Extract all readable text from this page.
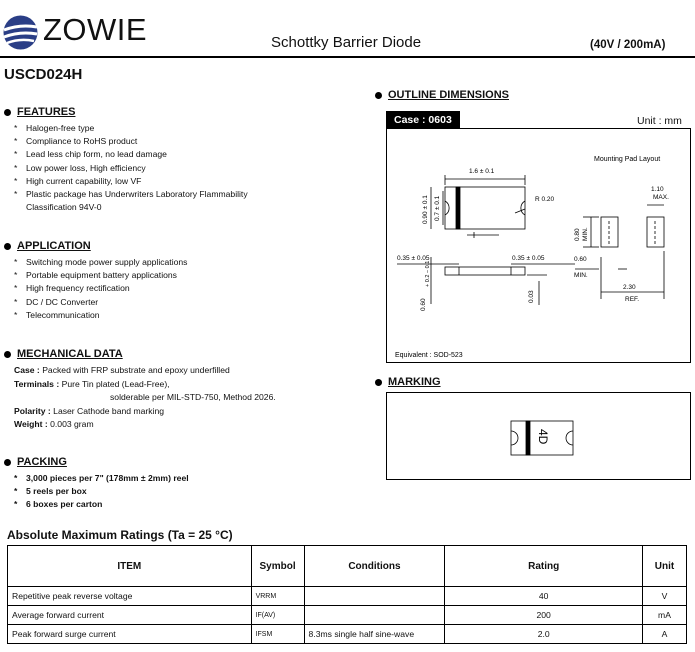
ZOWIE	Schottky Barrier Diode	(40V / 200mA)
USCD024H
FEATURES
*	Halogen-free type
*	Compliance to RoHS product
*	Lead less chip form, no lead damage
*	Low power loss, High efficiency
*	High current capability, low VF
*	Plastic package has Underwriters Laboratory Flammability Classification 94V-0
APPLICATION
*	Switching mode power supply applications
*	Portable equipment battery applications
*	High frequency rectification
*	DC / DC Converter
*	Telecommunication
MECHANICAL DATA
Case : Packed with FRP substrate and epoxy underfilled
Terminals : Pure Tin plated (Lead-Free),
solderable per MIL-STD-750, Method 2026.
Polarity : Laser Cathode band marking
Weight : 0.003 gram
PACKING
*	3,000 pieces per 7" (178mm ± 2mm) reel
*	5 reels per box
*	6 boxes per carton
OUTLINE DIMENSIONS
Case : 0603	Unit : mm
1.6 ± 0.1
R 0.20
0.35 ± 0.05	0.35 ± 0.05
Mounting Pad Layout
1.10
MAX.
0.60
MIN.
2.30
REF.
Equivalent : SOD-523
0.90 ± 0.1 0.7 ± 0.1
0.80 MIN.
0.60
+ 0.2 − 0.1
0.03
MARKING
4D
Absolute Maximum Ratings (Ta = 25 °C)
ITEM	Symbol	Conditions	Rating	Unit
Repetitive peak reverse voltage	VRRM		40	V
Average forward current	IF(AV)		200	mA
Peak forward surge current	IFSM	8.3ms single half sine-wave	2.0	A
